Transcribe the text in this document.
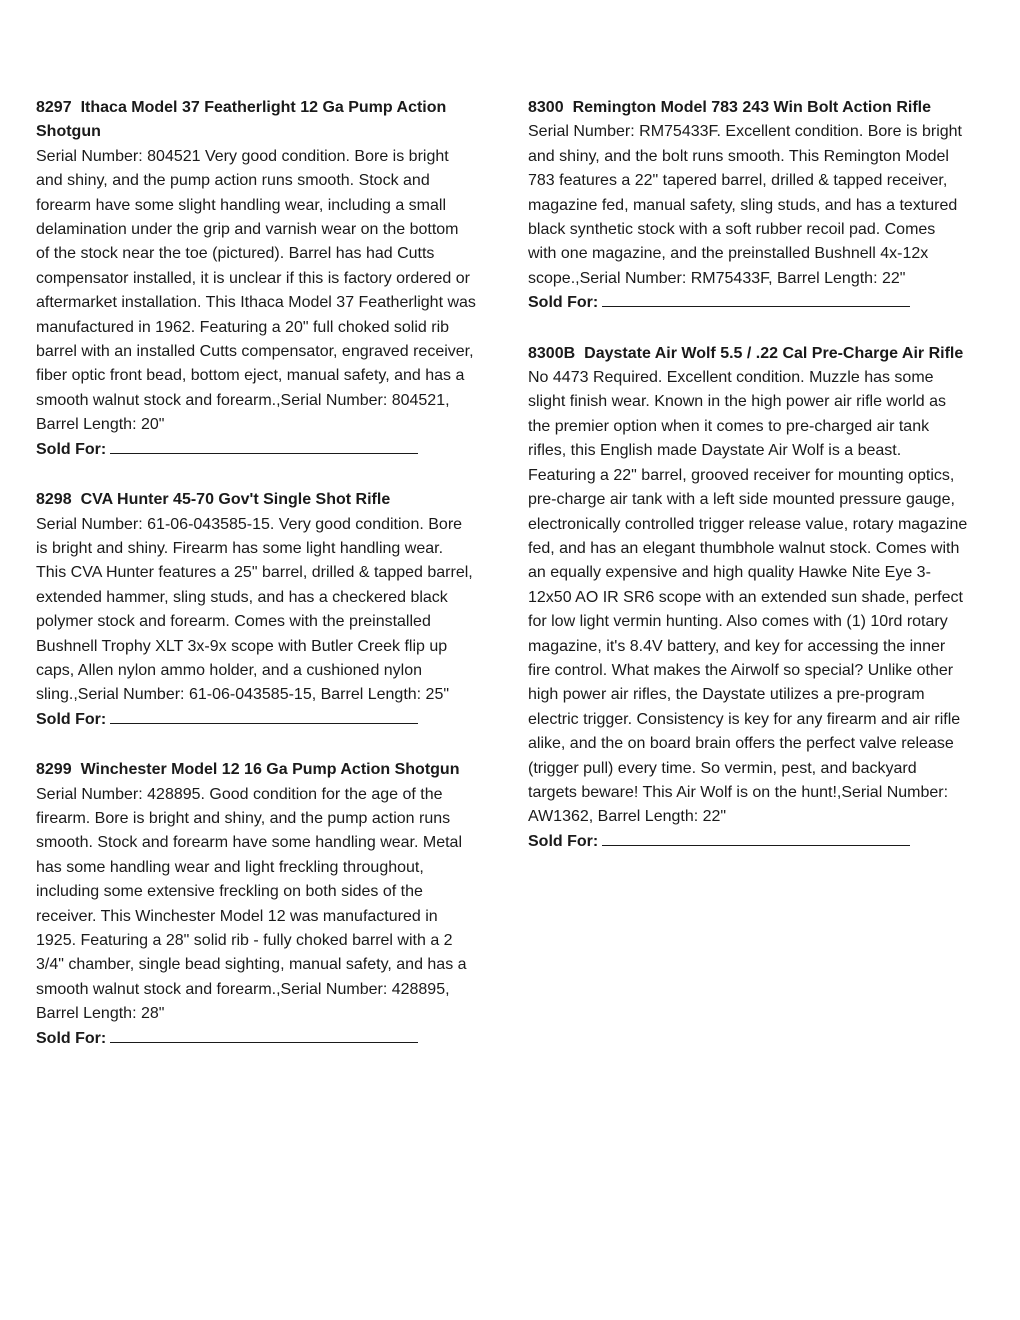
8297 Ithaca Model 37 Featherlight 12 Ga Pump Action Shotgun

Serial Number: 804521 Very good condition. Bore is bright and shiny, and the pump action runs smooth. Stock and forearm have some slight handling wear, including a small delamination under the grip and varnish wear on the bottom of the stock near the toe (pictured). Barrel has had Cutts compensator installed, it is unclear if this is factory ordered or aftermarket installation. This Ithaca Model 37 Featherlight was manufactured in 1962. Featuring a 20" full choked solid rib barrel with an installed Cutts compensator, engraved receiver, fiber optic front bead, bottom eject, manual safety, and has a smooth walnut stock and forearm.,Serial Number: 804521, Barrel Length: 20"

Sold For:

8298 CVA Hunter 45-70 Gov't Single Shot Rifle

Serial Number: 61-06-043585-15. Very good condition. Bore is bright and shiny. Firearm has some light handling wear. This CVA Hunter features a 25" barrel, drilled & tapped barrel, extended hammer, sling studs, and has a checkered black polymer stock and forearm. Comes with the preinstalled Bushnell Trophy XLT 3x-9x scope with Butler Creek flip up caps, Allen nylon ammo holder, and a cushioned nylon sling.,Serial Number: 61-06-043585-15, Barrel Length: 25"

Sold For:

8299 Winchester Model 12 16 Ga Pump Action Shotgun

Serial Number: 428895. Good condition for the age of the firearm. Bore is bright and shiny, and the pump action runs smooth. Stock and forearm have some handling wear. Metal has some handling wear and light freckling throughout, including some extensive freckling on both sides of the receiver. This Winchester Model 12 was manufactured in 1925. Featuring a 28" solid rib - fully choked barrel with a 2 3/4" chamber, single bead sighting, manual safety, and has a smooth walnut stock and forearm.,Serial Number: 428895, Barrel Length: 28"

Sold For:

8300 Remington Model 783 243 Win Bolt Action Rifle

Serial Number: RM75433F. Excellent condition. Bore is bright and shiny, and the bolt runs smooth. This Remington Model 783 features a 22" tapered barrel, drilled & tapped receiver, magazine fed, manual safety, sling studs, and has a textured black synthetic stock with a soft rubber recoil pad. Comes with one magazine, and the preinstalled Bushnell 4x-12x scope.,Serial Number: RM75433F, Barrel Length: 22"

Sold For:

8300B Daystate Air Wolf 5.5 / .22 Cal Pre-Charge Air Rifle

No 4473 Required. Excellent condition. Muzzle has some slight finish wear. Known in the high power air rifle world as the premier option when it comes to pre-charged air tank rifles, this English made Daystate Air Wolf is a beast. Featuring a 22" barrel, grooved receiver for mounting optics, pre-charge air tank with a left side mounted pressure gauge, electronically controlled trigger release value, rotary magazine fed, and has an elegant thumbhole walnut stock. Comes with an equally expensive and high quality Hawke Nite Eye 3-12x50 AO IR SR6 scope with an extended sun shade, perfect for low light vermin hunting. Also comes with (1) 10rd rotary magazine, it's 8.4V battery, and key for accessing the inner fire control. What makes the Airwolf so special? Unlike other high power air rifles, the Daystate utilizes a pre-program electric trigger. Consistency is key for any firearm and air rifle alike, and the on board brain offers the perfect valve release (trigger pull) every time. So vermin, pest, and backyard targets beware! This Air Wolf is on the hunt!,Serial Number: AW1362, Barrel Length: 22"

Sold For:
